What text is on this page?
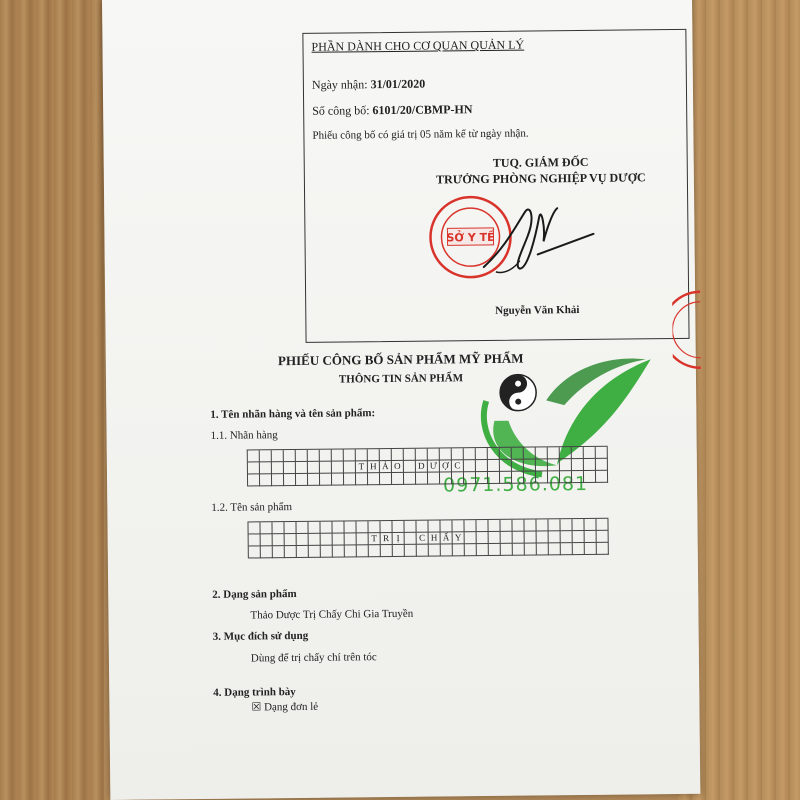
PHẦN DÀNH CHO CƠ QUAN QUẢN LÝ
Ngày nhận: 31/01/2020
Số công bố: 6101/20/CBMP-HN
Phiếu công bố có giá trị 05 năm kể từ ngày nhận.
TUQ. GIÁM ĐỐC
TRƯỞNG PHÒNG NGHIỆP VỤ DƯỢC
SỞ Y TẾ
Nguyễn Văn Khải
PHIẾU CÔNG BỐ SẢN PHẨM MỸ PHẨM
THÔNG TIN SẢN PHẨM
0971.586.081
1. Tên nhãn hàng và tên sản phẩm:
1.1. Nhãn hàng
T H Ả O	D Ư Ợ C
1.2. Tên sản phẩm
T R Ị	C H Ấ Y
2. Dạng sản phẩm
Thảo Dược Trị Chấy Chi Gia Truyền
3. Mục đích sử dụng
Dùng để trị chấy chí trên tóc
4. Dạng trình bày
☒ Dạng đơn lẻ
